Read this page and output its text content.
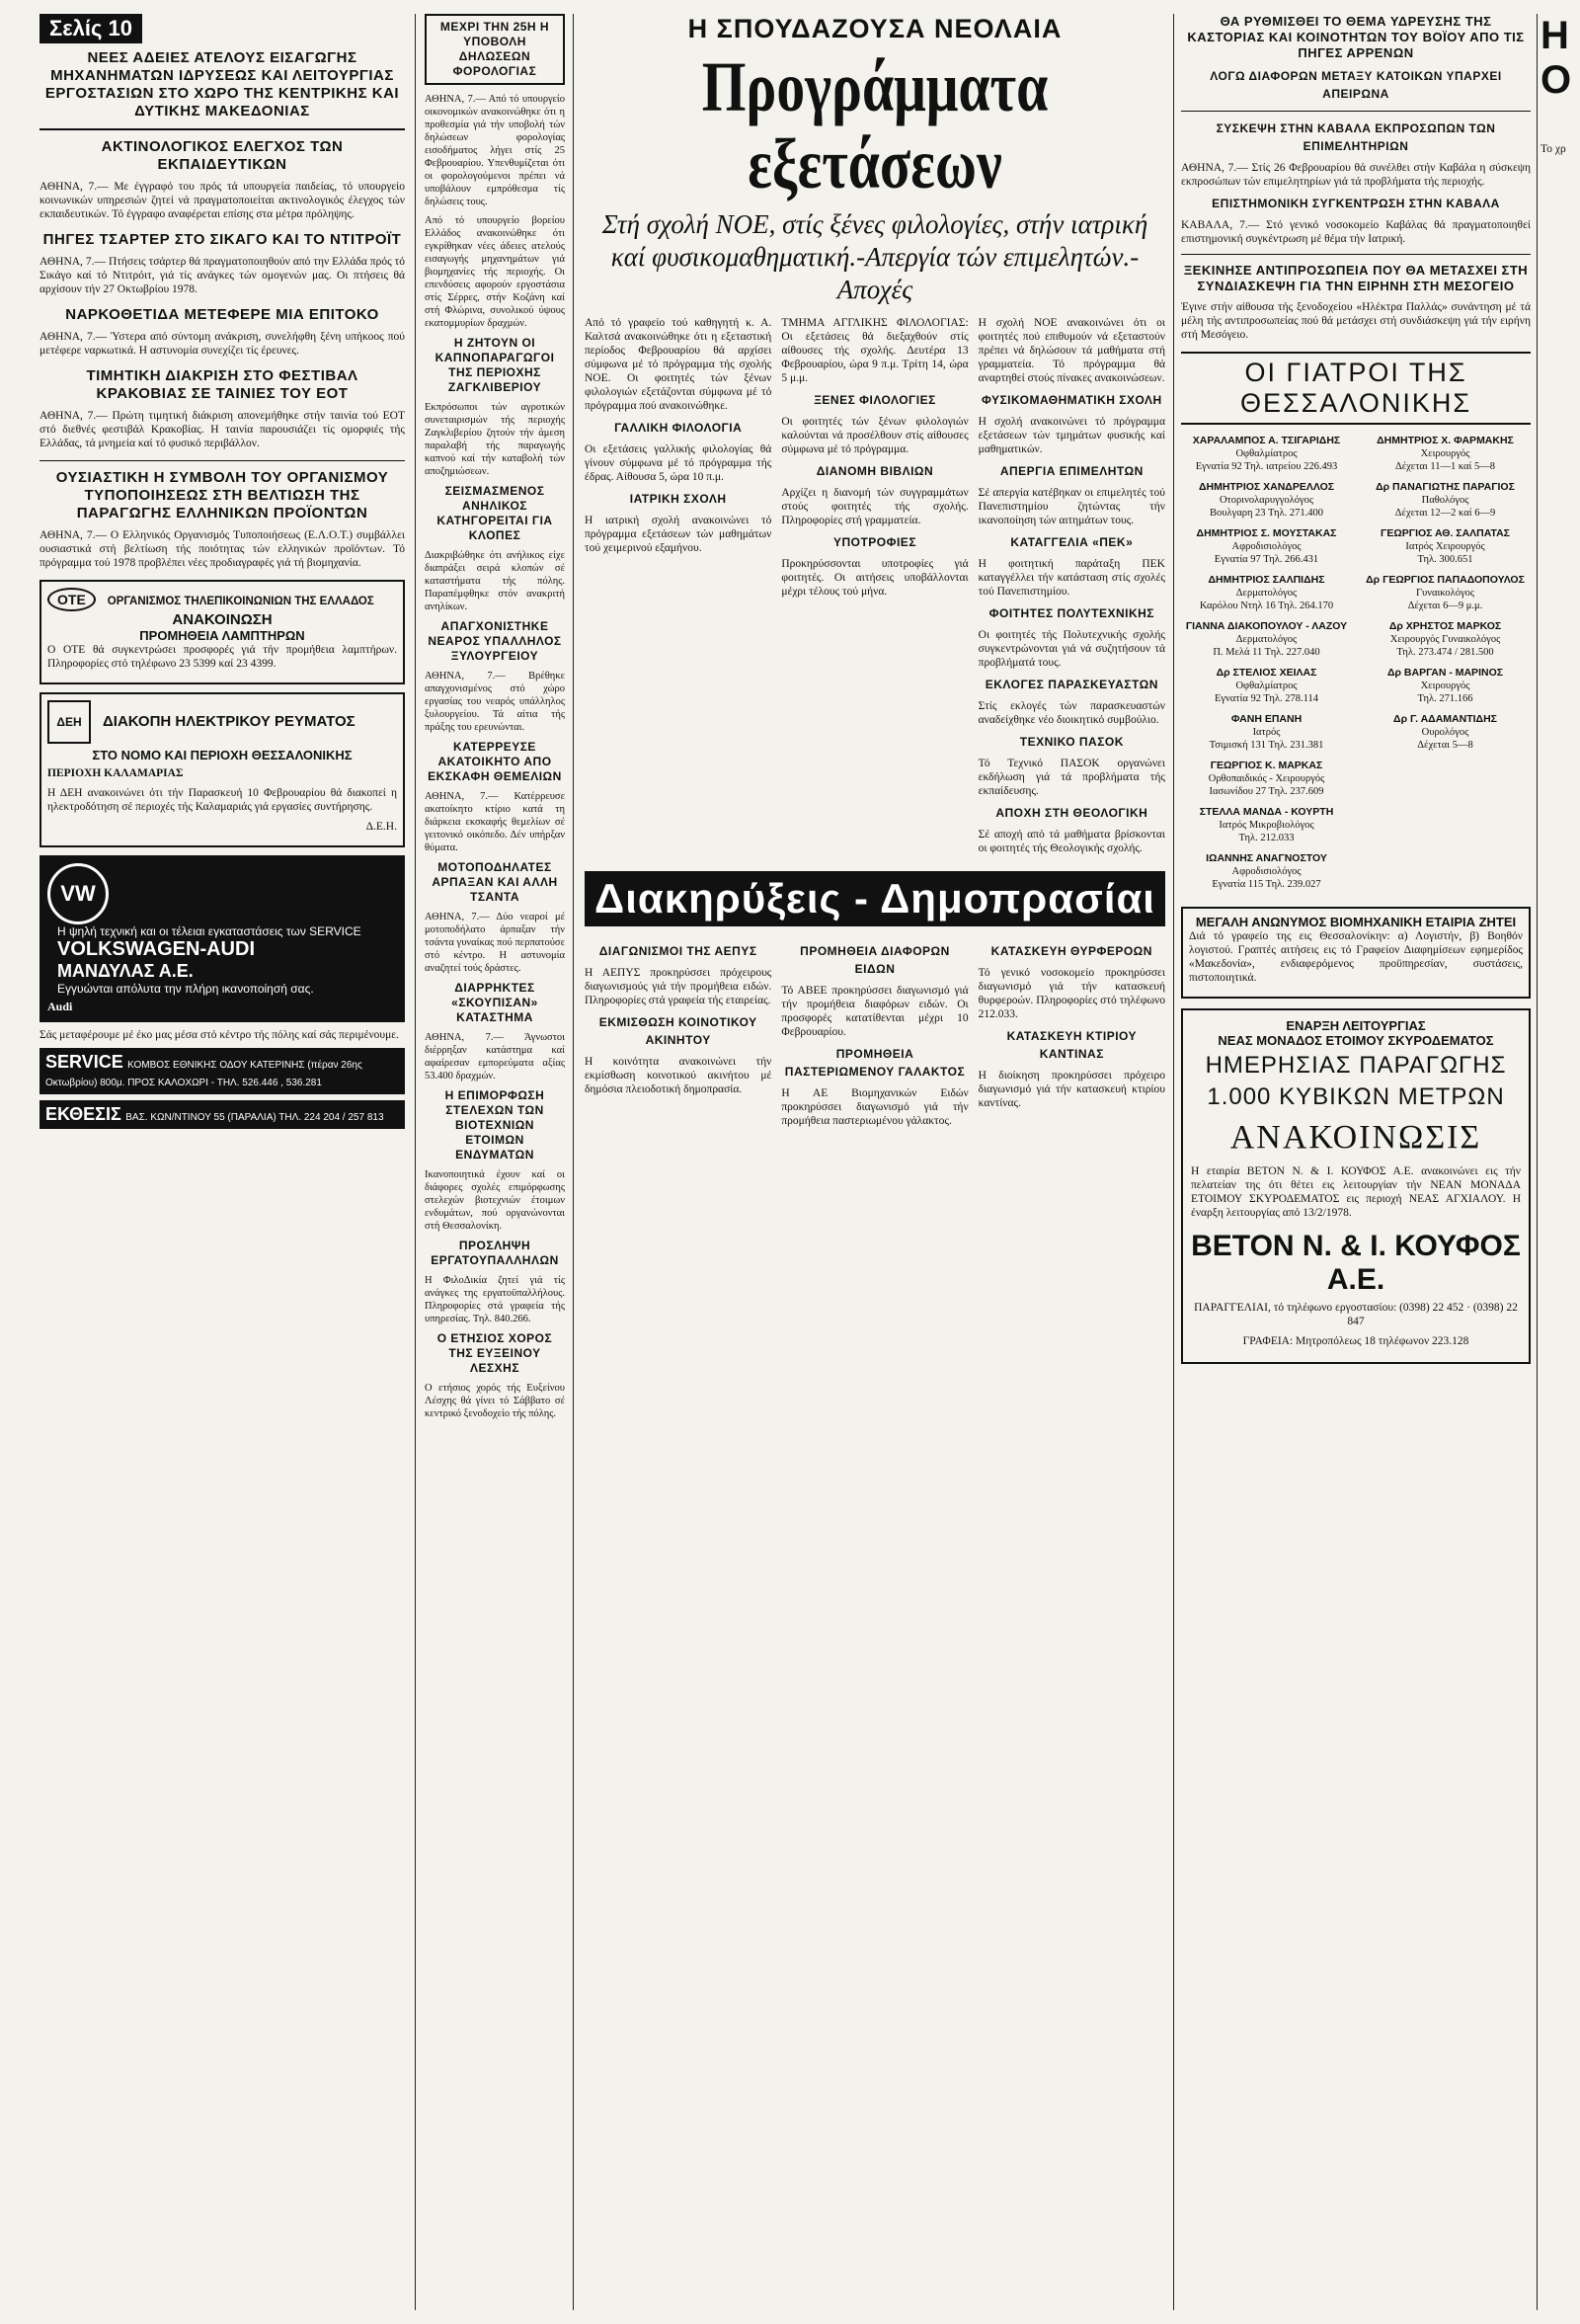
Σελίς 10
ΝΕΕΣ ΑΔΕΙΕΣ ΑΤΕΛΟΥΣ ΕΙΣΑΓΩΓΗΣ ΜΗΧΑΝΗΜΑΤΩΝ ΙΔΡΥΣΕΩΣ ΚΑΙ ΛΕΙΤΟΥΡΓΙΑΣ ΕΡΓΟΣΤΑΣΙΩΝ ΣΤΟ ΧΩΡΟ ΤΗΣ ΚΕΝΤΡΙΚΗΣ ΚΑΙ ΔΥΤΙΚΗΣ ΜΑΚΕΔΟΝΙΑΣ
ΑΚΤΙΝΟΛΟΓΙΚΟΣ ΕΛΕΓΧΟΣ ΤΩΝ ΕΚΠΑΙΔΕΥΤΙΚΩΝ

ΑΘΗΝΑ, 7.— Με έγγραφό του πρός τά υπουργεία παιδείας, τό υπουργείο κοινωνικών υπηρεσιών ζητεί νά πραγματοποιείται ακτινολογικός έλεγχος τών εκπαιδευτικών. Τό έγγραφο αναφέρεται επίσης στα μέτρα πρόληψης.

ΠΗΓΕΣ ΤΣΑΡΤΕΡ ΣΤΟ ΣΙΚΑΓΟ ΚΑΙ ΤΟ ΝΤΙΤΡΟΪΤ

ΑΘΗΝΑ, 7.— Πτήσεις τσάρτερ θά πραγματοποιηθούν από την Ελλάδα πρός τό Σικάγο καί τό Ντιτρόιτ, γιά τίς ανάγκες τών ομογενών μας. Οι πτήσεις θά αρχίσουν τήν 27 Οκτωβρίου 1978.

ΝΑΡΚΟΘΕΤΙΔΑ ΜΕΤΕΦΕΡΕ ΜΙΑ ΕΠΙΤΟΚΟ

ΑΘΗΝΑ, 7.— Ύστερα από σύντομη ανάκριση, συνελήφθη ξένη υπήκοος πού μετέφερε ναρκωτικά. Η αστυνομία συνεχίζει τίς έρευνες.

ΤΙΜΗΤΙΚΗ ΔΙΑΚΡΙΣΗ ΣΤΟ ΦΕΣΤΙΒΑΛ ΚΡΑΚΟΒΙΑΣ ΣΕ ΤΑΙΝΙΕΣ ΤΟΥ ΕΟΤ

ΑΘΗΝΑ, 7.— Πρώτη τιμητική διάκριση απονεμήθηκε στήν ταινία τού ΕΟΤ στό διεθνές φεστιβάλ Κρακοβίας. Η ταινία παρουσιάζει τίς ομορφιές τής Ελλάδας, τά μνημεία καί τό φυσικό περιβάλλον.

ΟΥΣΙΑΣΤΙΚΗ Η ΣΥΜΒΟΛΗ ΤΟΥ ΟΡΓΑΝΙΣΜΟΥ ΤΥΠΟΠΟΙΗΣΕΩΣ ΣΤΗ ΒΕΛΤΙΩΣΗ ΤΗΣ ΠΑΡΑΓΩΓΗΣ ΕΛΛΗΝΙΚΩΝ ΠΡΟΪΟΝΤΩΝ

ΑΘΗΝΑ, 7.— Ο Ελληνικός Οργανισμός Τυποποιήσεως (Ε.Λ.Ο.Τ.) συμβάλλει ουσιαστικά στή βελτίωση τής ποιότητας τών ελληνικών προϊόντων. Τό πρόγραμμα τού 1978 προβλέπει νέες προδιαγραφές γιά τή βιομηχανία.

ΟΤΕ ΟΡΓΑΝΙΣΜΟΣ ΤΗΛΕΠΙΚΟΙΝΩΝΙΩΝ ΤΗΣ ΕΛΛΑΔΟΣ
ΑΝΑΚΟΙΝΩΣΗ
ΠΡΟΜΗΘΕΙΑ ΛΑΜΠΤΗΡΩΝ

Ο ΟΤΕ θά συγκεντρώσει προσφορές γιά τήν προμήθεια λαμπτήρων. Πληροφορίες στό τηλέφωνο 23 5399 καί 23 4399.

ΔΕΗ ΔΙΑΚΟΠΗ ΗΛΕΚΤΡΙΚΟΥ ΡΕΥΜΑΤΟΣ
ΣΤΟ ΝΟΜΟ ΚΑΙ ΠΕΡΙΟΧΗ ΘΕΣΣΑΛΟΝΙΚΗΣ
ΠΕΡΙΟΧΗ ΚΑΛΑΜΑΡΙΑΣ

Η ΔΕΗ ανακοινώνει ότι τήν Παρασκευή 10 Φεβρουαρίου θά διακοπεί η ηλεκτροδότηση σέ περιοχές τής Καλαμαριάς γιά εργασίες συντήρησης.

Δ.Ε.Η.
VW
Η ψηλή τεχνική και οι τέλειαι εγκαταστάσεις των SERVICE
VOLKSWAGEN-AUDI
ΜΑΝΔΥΛΑΣ Α.Ε.
Εγγυώνται απόλυτα την πλήρη ικανοποίησή σας.
Audi

Σάς μεταφέρουμε μέ έκο μας μέσα στό κέντρο τής πόλης καί σάς περιμένουμε.

SERVICE ΚΟΜΒΟΣ ΕΘΝΙΚΗΣ ΟΔΟΥ ΚΑΤΕΡΙΝΗΣ (πέραν 26ης Οκτωβρίου) 800μ. ΠΡΟΣ ΚΑΛΟΧΩΡΙ - ΤΗΛ. 526.446 , 536.281
ΕΚΘΕΣΙΣ ΒΑΣ. ΚΩΝ/ΝΤΙΝΟΥ 55 (ΠΑΡΑΛΙΑ) ΤΗΛ. 224 204 / 257 813
ΜΕΧΡΙ ΤΗΝ 25Η Η ΥΠΟΒΟΛΗ ΔΗΛΩΣΕΩΝ ΦΟΡΟΛΟΓΙΑΣ

ΑΘΗΝΑ, 7.— Από τό υπουργείο οικονομικών ανακοινώθηκε ότι η προθεσμία γιά τήν υποβολή τών δηλώσεων φορολογίας εισοδήματος λήγει στίς 25 Φεβρουαρίου. Υπενθυμίζεται ότι οι φορολογούμενοι πρέπει νά υποβάλουν εμπρόθεσμα τίς δηλώσεις τους.

Από τό υπουργείο βορείου Ελλάδος ανακοινώθηκε ότι εγκρίθηκαν νέες άδειες ατελούς εισαγωγής μηχανημάτων γιά βιομηχανίες τής περιοχής. Οι επενδύσεις αφορούν εργοστάσια στίς Σέρρες, στήν Κοζάνη καί στή Φλώρινα, συνολικού ύψους εκατομμυρίων δραχμών.

Η ΖΗΤΟΥΝ ΟΙ ΚΑΠΝΟΠΑΡΑΓΩΓΟΙ ΤΗΣ ΠΕΡΙΟΧΗΣ ΖΑΓΚΛΙΒΕΡΙΟΥ

Εκπρόσωποι τών αγροτικών συνεταιρισμών τής περιοχής Ζαγκλιβερίου ζητούν τήν άμεση παραλαβή τής παραγωγής καπνού καί τήν καταβολή τών αποζημιώσεων.

ΣΕΙΣΜΑΣΜΕΝΟΣ ΑΝΗΛΙΚΟΣ ΚΑΤΗΓΟΡΕΙΤΑΙ ΓΙΑ ΚΛΟΠΕΣ

Διακριβώθηκε ότι ανήλικος είχε διαπράξει σειρά κλοπών σέ καταστήματα τής πόλης. Παραπέμφθηκε στόν ανακριτή ανηλίκων.

ΑΠΑΓΧΟΝΙΣΤΗΚΕ ΝΕΑΡΟΣ ΥΠΑΛΛΗΛΟΣ ΞΥΛΟΥΡΓΕΙΟΥ

ΑΘΗΝΑ, 7.— Βρέθηκε απαγχονισμένος στό χώρο εργασίας του νεαρός υπάλληλος ξυλουργείου. Τά αίτια τής πράξης του ερευνώνται.

ΚΑΤΕΡΡΕΥΣΕ ΑΚΑΤΟΙΚΗΤΟ ΑΠΟ ΕΚΣΚΑΦΗ ΘΕΜΕΛΙΩΝ

ΑΘΗΝΑ, 7.— Κατέρρευσε ακατοίκητο κτίριο κατά τη διάρκεια εκσκαφής θεμελίων σέ γειτονικό οικόπεδο. Δέν υπήρξαν θύματα.

ΜΟΤΟΠΟΔΗΛΑΤΕΣ ΑΡΠΑΞΑΝ ΚΑΙ ΑΛΛΗ ΤΣΑΝΤΑ

ΑΘΗΝΑ, 7.— Δύο νεαροί μέ μοτοποδήλατο άρπαξαν τήν τσάντα γυναίκας πού περπατούσε στό κέντρο. Η αστυνομία αναζητεί τούς δράστες.

ΔΙΑΡΡΗΚΤΕΣ «ΣΚΟΥΠΙΣΑΝ» ΚΑΤΑΣΤΗΜΑ

ΑΘΗΝΑ, 7.— Άγνωστοι διέρρηξαν κατάστημα καί αφαίρεσαν εμπορεύματα αξίας 53.400 δραχμών.

Η ΕΠΙΜΟΡΦΩΣΗ ΣΤΕΛΕΧΩΝ ΤΩΝ ΒΙΟΤΕΧΝΙΩΝ ΕΤΟΙΜΩΝ ΕΝΔΥΜΑΤΩΝ

Ικανοποιητικά έχουν καί οι διάφορες σχολές επιμόρφωσης στελεχών βιοτεχνιών έτοιμων ενδυμάτων, πού οργανώνονται στή Θεσσαλονίκη.

ΠΡΟΣΛΗΨΗ ΕΡΓΑΤΟΥΠΑΛΛΗΛΩΝ

Η ΦιλοΔικία ζητεί γιά τίς ανάγκες της εργατοϋπαλλήλους. Πληροφορίες στά γραφεία τής υπηρεσίας. Τηλ. 840.266.

Ο ΕΤΗΣΙΟΣ ΧΟΡΟΣ ΤΗΣ ΕΥΞΕΙΝΟΥ ΛΕΣΧΗΣ

Ο ετήσιος χορός τής Ευξείνου Λέσχης θά γίνει τό Σάββατο σέ κεντρικό ξενοδοχείο τής πόλης.

Η ΣΠΟΥΔΑΖΟΥΣΑ ΝΕΟΛΑΙΑ
Προγράμματα εξετάσεων
Στή σχολή ΝΟΕ, στίς ξένες φιλολογίες, στήν ιατρική καί φυσικομαθηματική.-Απεργία τών επιμελητών.-Αποχές

Από τό γραφείο τού καθηγητή κ. Α. Καλτσά ανακοινώθηκε ότι η εξεταστική περίοδος Φεβρουαρίου θά αρχίσει σύμφωνα μέ τό πρόγραμμα τής σχολής ΝΟΕ. Οι φοιτητές τών ξένων φιλολογιών εξετάζονται σύμφωνα μέ τό πρόγραμμα πού ανακοινώθηκε.

ΓΑΛΛΙΚΗ ΦΙΛΟΛΟΓΙΑ

Οι εξετάσεις γαλλικής φιλολογίας θά γίνουν σύμφωνα μέ τό πρόγραμμα τής έδρας. Αίθουσα 5, ώρα 10 π.μ.

ΙΑΤΡΙΚΗ ΣΧΟΛΗ

Η ιατρική σχολή ανακοινώνει τό πρόγραμμα εξετάσεων τών μαθημάτων τού χειμερινού εξαμήνου.

ΤΜΗΜΑ ΑΓΓΛΙΚΗΣ ΦΙΛΟΛΟΓΙΑΣ: Οι εξετάσεις θά διεξαχθούν στίς αίθουσες τής σχολής. Δευτέρα 13 Φεβρουαρίου, ώρα 9 π.μ. Τρίτη 14, ώρα 5 μ.μ.

ΞΕΝΕΣ ΦΙΛΟΛΟΓΙΕΣ

Οι φοιτητές τών ξένων φιλολογιών καλούνται νά προσέλθουν στίς αίθουσες σύμφωνα μέ τό πρόγραμμα.

ΔΙΑΝΟΜΗ ΒΙΒΛΙΩΝ

Αρχίζει η διανομή τών συγγραμμάτων στούς φοιτητές τής σχολής. Πληροφορίες στή γραμματεία.

ΥΠΟΤΡΟΦΙΕΣ

Προκηρύσσονται υποτροφίες γιά φοιτητές. Οι αιτήσεις υποβάλλονται μέχρι τέλους τού μήνα.

Η σχολή ΝΟΕ ανακοινώνει ότι οι φοιτητές πού επιθυμούν νά εξεταστούν πρέπει νά δηλώσουν τά μαθήματα στή γραμματεία. Τό πρόγραμμα θά αναρτηθεί στούς πίνακες ανακοινώσεων.

ΦΥΣΙΚΟΜΑΘΗΜΑΤΙΚΗ ΣΧΟΛΗ

Η σχολή ανακοινώνει τό πρόγραμμα εξετάσεων τών τμημάτων φυσικής καί μαθηματικών.

ΑΠΕΡΓΙΑ ΕΠΙΜΕΛΗΤΩΝ

Σέ απεργία κατέβηκαν οι επιμελητές τού Πανεπιστημίου ζητώντας τήν ικανοποίηση τών αιτημάτων τους.

ΚΑΤΑΓΓΕΛΙΑ «ΠΕΚ»

Η φοιτητική παράταξη ΠΕΚ καταγγέλλει τήν κατάσταση στίς σχολές τού Πανεπιστημίου.

ΦΟΙΤΗΤΕΣ ΠΟΛΥΤΕΧΝΙΚΗΣ

Οι φοιτητές τής Πολυτεχνικής σχολής συγκεντρώνονται γιά νά συζητήσουν τά προβλήματά τους.

ΕΚΛΟΓΕΣ ΠΑΡΑΣΚΕΥΑΣΤΩΝ

Στίς εκλογές τών παρασκευαστών αναδείχθηκε νέο διοικητικό συμβούλιο.

ΤΕΧΝΙΚΟ ΠΑΣΟΚ

Τό Τεχνικό ΠΑΣΟΚ οργανώνει εκδήλωση γιά τά προβλήματα τής εκπαίδευσης.

ΑΠΟΧΗ ΣΤΗ ΘΕΟΛΟΓΙΚΗ

Σέ αποχή από τά μαθήματα βρίσκονται οι φοιτητές τής Θεολογικής σχολής.

Διακηρύξεις - Δημοπρασίαι
ΔΙΑΓΩΝΙΣΜΟΙ ΤΗΣ ΑΕΠΥΣ

Η ΑΕΠΥΣ προκηρύσσει πρόχειρους διαγωνισμούς γιά τήν προμήθεια ειδών. Πληροφορίες στά γραφεία τής εταιρείας.

ΕΚΜΙΣΘΩΣΗ ΚΟΙΝΟΤΙΚΟΥ ΑΚΙΝΗΤΟΥ

Η κοινότητα ανακοινώνει τήν εκμίσθωση κοινοτικού ακινήτου μέ δημόσια πλειοδοτική δημοπρασία.

ΠΡΟΜΗΘΕΙΑ ΔΙΑΦΟΡΩΝ ΕΙΔΩΝ

Τό ΑΒΕΕ προκηρύσσει διαγωνισμό γιά τήν προμήθεια διαφόρων ειδών. Οι προσφορές κατατίθενται μέχρι 10 Φεβρουαρίου.

ΠΡΟΜΗΘΕΙΑ ΠΑΣΤΕΡΙΩΜΕΝΟΥ ΓΑΛΑΚΤΟΣ

Η ΑΕ Βιομηχανικών Ειδών προκηρύσσει διαγωνισμό γιά τήν προμήθεια παστεριωμένου γάλακτος.

ΚΑΤΑΣΚΕΥΗ ΘΥΡΦΕΡΟΩΝ

Τό γενικό νοσοκομείο προκηρύσσει διαγωνισμό γιά τήν κατασκευή θυρφεροών. Πληροφορίες στό τηλέφωνο 212.033.

ΚΑΤΑΣΚΕΥΗ ΚΤΙΡΙΟΥ ΚΑΝΤΙΝΑΣ

Η διοίκηση προκηρύσσει πρόχειρο διαγωνισμό γιά τήν κατασκευή κτιρίου καντίνας.

ΘΑ ΡΥΘΜΙΣΘΕΙ ΤΟ ΘΕΜΑ ΥΔΡΕΥΣΗΣ ΤΗΣ ΚΑΣΤΟΡΙΑΣ ΚΑΙ ΚΟΙΝΟΤΗΤΩΝ ΤΟΥ ΒΟΪΟΥ ΑΠΟ ΤΙΣ ΠΗΓΕΣ ΑΡΡΕΝΩΝ
ΛΟΓΩ ΔΙΑΦΟΡΩΝ ΜΕΤΑΞΥ ΚΑΤΟΙΚΩΝ ΥΠΑΡΧΕΙ ΑΠΕΙΡΩΝΑ
ΣΥΣΚΕΨΗ ΣΤΗΝ ΚΑΒΑΛΑ ΕΚΠΡΟΣΩΠΩΝ ΤΩΝ ΕΠΙΜΕΛΗΤΗΡΙΩΝ

ΑΘΗΝΑ, 7.— Στίς 26 Φεβρουαρίου θά συνέλθει στήν Καβάλα η σύσκεψη εκπροσώπων τών επιμελητηρίων γιά τά προβλήματα τής περιοχής.

ΕΠΙΣΤΗΜΟΝΙΚΗ ΣΥΓΚΕΝΤΡΩΣΗ ΣΤΗΝ ΚΑΒΑΛΑ

ΚΑΒΑΛΑ, 7.— Στό γενικό νοσοκομείο Καβάλας θά πραγματοποιηθεί επιστημονική συγκέντρωση μέ θέμα τήν Ιατρική.

ΞΕΚΙΝΗΣΕ ΑΝΤΙΠΡΟΣΩΠΕΙΑ ΠΟΥ ΘΑ ΜΕΤΑΣΧΕΙ ΣΤΗ ΣΥΝΔΙΑΣΚΕΨΗ ΓΙΑ ΤΗΝ ΕΙΡΗΝΗ ΣΤΗ ΜΕΣΟΓΕΙΟ

Έγινε στήν αίθουσα τής ξενοδοχείου «Ηλέκτρα Παλλάς» συνάντηση μέ τά μέλη τής αντιπροσωπείας πού θά μετάσχει στή συνδιάσκεψη γιά τήν ειρήνη στή Μεσόγειο.

ΟΙ ΓΙΑΤΡΟΙ ΤΗΣ ΘΕΣΣΑΛΟΝΙΚΗΣ
ΧΑΡΑΛΑΜΠΟΣ Α. ΤΣΙΓΑΡΙΔΗΣ

Οφθαλμίατρος
Εγνατία 92 Τηλ. ιατρείου 226.493
ΔΗΜΗΤΡΙΟΣ ΧΑΝΔΡΕΛΛΟΣ

Οτορινολαρυγγολόγος
Βουλγαρη 23 Τηλ. 271.400
ΔΗΜΗΤΡΙΟΣ Σ. ΜΟΥΣΤΑΚΑΣ

Αφροδισιολόγος
Εγνατία 97 Τηλ. 266.431
ΔΗΜΗΤΡΙΟΣ ΣΑΛΠΙΔΗΣ

Δερματολόγος
Καρόλου Ντηλ 16 Τηλ. 264.170
ΓΙΑΝΝΑ ΔΙΑΚΟΠΟΥΛΟΥ - ΛΑΖΟΥ

Δερματολόγος
Π. Μελά 11 Τηλ. 227.040
Δρ ΣΤΕΛΙΟΣ ΧΕΙΛΑΣ

Οφθαλμίατρος
Εγνατία 92 Τηλ. 278.114
ΦΑΝΗ ΕΠΑΝΗ

Ιατρός
Τσιμισκή 131 Τηλ. 231.381
ΓΕΩΡΓΙΟΣ Κ. ΜΑΡΚΑΣ

Ορθοπαιδικός - Χειρουργός
Ιασωνίδου 27 Τηλ. 237.609
ΣΤΕΛΛΑ ΜΑΝΔΑ - ΚΟΥΡΤΗ

Ιατρός Μικροβιολόγος
Τηλ. 212.033
ΙΩΑΝΝΗΣ ΑΝΑΓΝΟΣΤΟΥ

Αφροδισιολόγος
Εγνατία 115 Τηλ. 239.027
ΔΗΜΗΤΡΙΟΣ Χ. ΦΑΡΜΑΚΗΣ

Χειρουργός
Δέχεται 11—1 καί 5—8
Δρ ΠΑΝΑΓΙΩΤΗΣ ΠΑΡΑΓΙΟΣ

Παθολόγος
Δέχεται 12—2 καί 6—9
ΓΕΩΡΓΙΟΣ ΑΘ. ΣΑΛΠΑΤΑΣ

Ιατρός Χειρουργός
Τηλ. 300.651
Δρ ΓΕΩΡΓΙΟΣ ΠΑΠΑΔΟΠΟΥΛΟΣ

Γυναικολόγος
Δέχεται 6—9 μ.μ.
Δρ ΧΡΗΣΤΟΣ ΜΑΡΚΟΣ

Χειρουργός Γυναικολόγος
Τηλ. 273.474 / 281.500
Δρ ΒΑΡΓΑΝ - ΜΑΡΙΝΟΣ

Χειρουργός
Τηλ. 271.166
Δρ Γ. ΑΔΑΜΑΝΤΙΔΗΣ

Ουρολόγος
Δέχεται 5—8
ΜΕΓΑΛΗ ΑΝΩΝΥΜΟΣ ΒΙΟΜΗΧΑΝΙΚΗ ΕΤΑΙΡΙΑ ΖΗΤΕΙ

Διά τό γραφείο της εις Θεσσαλονίκην: α) Λογιστήν, β) Βοηθόν λογιστού. Γραπτές αιτήσεις εις τό Γραφείον Διαφημίσεων εφημερίδος «Μακεδονία», ενδιαφερόμενος προϋπηρεσίαν, συστάσεις, πιστοποιητικά.

ΕΝΑΡΞΗ ΛΕΙΤΟΥΡΓΙΑΣ
ΝΕΑΣ ΜΟΝΑΔΟΣ ΕΤΟΙΜΟΥ ΣΚΥΡΟΔΕΜΑΤΟΣ
ΗΜΕΡΗΣΙΑΣ ΠΑΡΑΓΩΓΗΣ
1.000 ΚΥΒΙΚΩΝ ΜΕΤΡΩΝ
ΑΝΑΚΟΙΝΩΣΙΣ

Η εταιρία ΒΕΤΟΝ Ν. & Ι. ΚΟΥΦΟΣ Α.Ε. ανακοινώνει εις τήν πελατείαν της ότι θέτει εις λειτουργίαν τήν ΝΕΑΝ ΜΟΝΑΔΑ ΕΤΟΙΜΟΥ ΣΚΥΡΟΔΕΜΑΤΟΣ εις περιοχή ΝΕΑΣ ΑΓΧΙΑΛΟΥ. Η έναρξη λειτουργίας από 13/2/1978.

ΒΕΤΟΝ Ν. & Ι. ΚΟΥΦΟΣ Α.Ε.

ΠΑΡΑΓΓΕΛΙΑΙ, τό τηλέφωνο εργοστασίου: (0398) 22 452 · (0398) 22 847

ΓΡΑΦΕΙΑ: Μητροπόλεως 18 τηλέφωνον 223.128

Η Ο
Το χρ
